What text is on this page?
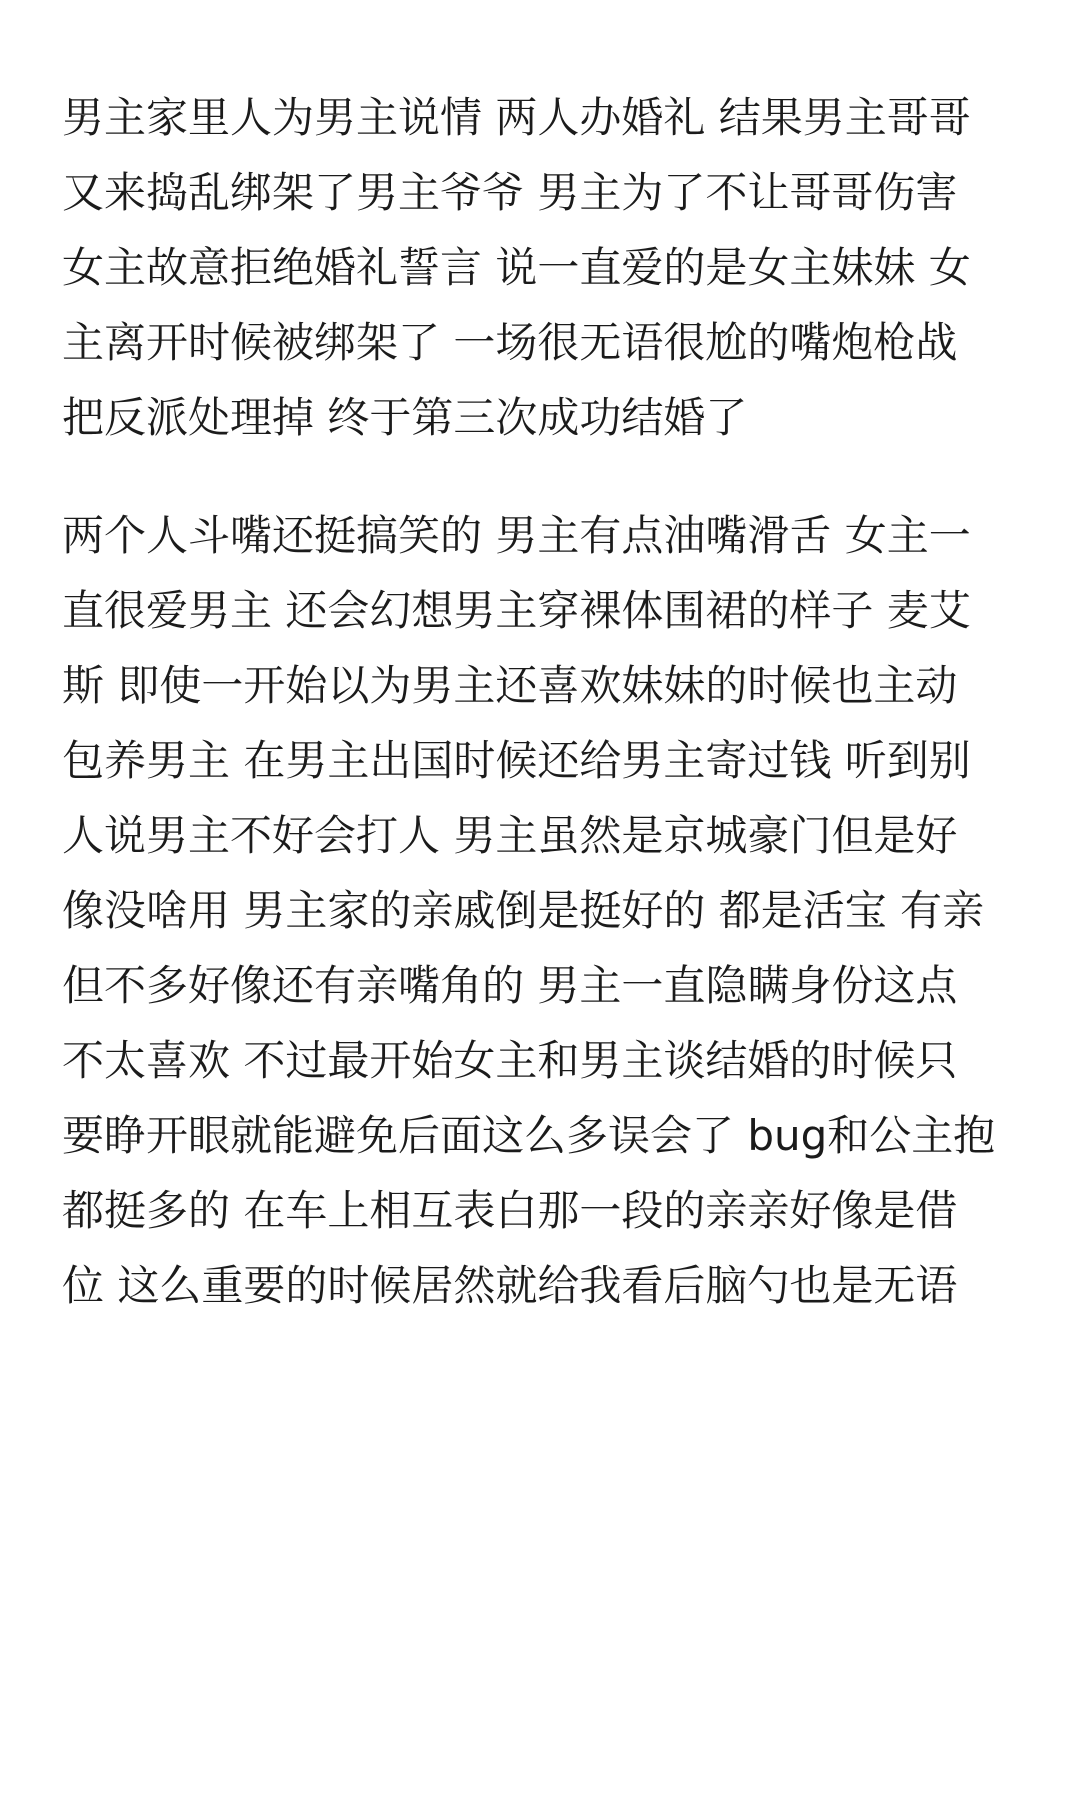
男主家里人为男主说情 两人办婚礼 结果男主哥哥
又来捣乱绑架了男主爷爷 男主为了不让哥哥伤害
女主故意拒绝婚礼誓言 说一直爱的是女主妹妹 女
主离开时候被绑架了 一场很无语很尬的嘴炮枪战
把反派处理掉 终于第三次成功结婚了

两个人斗嘴还挺搞笑的 男主有点油嘴滑舌 女主一
直很爱男主 还会幻想男主穿裸体围裙的样子 麦艾
斯 即使一开始以为男主还喜欢妹妹的时候也主动
包养男主 在男主出国时候还给男主寄过钱 听到别
人说男主不好会打人 男主虽然是京城豪门但是好
像没啥用 男主家的亲戚倒是挺好的 都是活宝 有亲
但不多好像还有亲嘴角的 男主一直隐瞒身份这点
不太喜欢 不过最开始女主和男主谈结婚的时候只
要睁开眼就能避免后面这么多误会了 bug和公主抱
都挺多的 在车上相互表白那一段的亲亲好像是借
位 这么重要的时候居然就给我看后脑勺也是无语
